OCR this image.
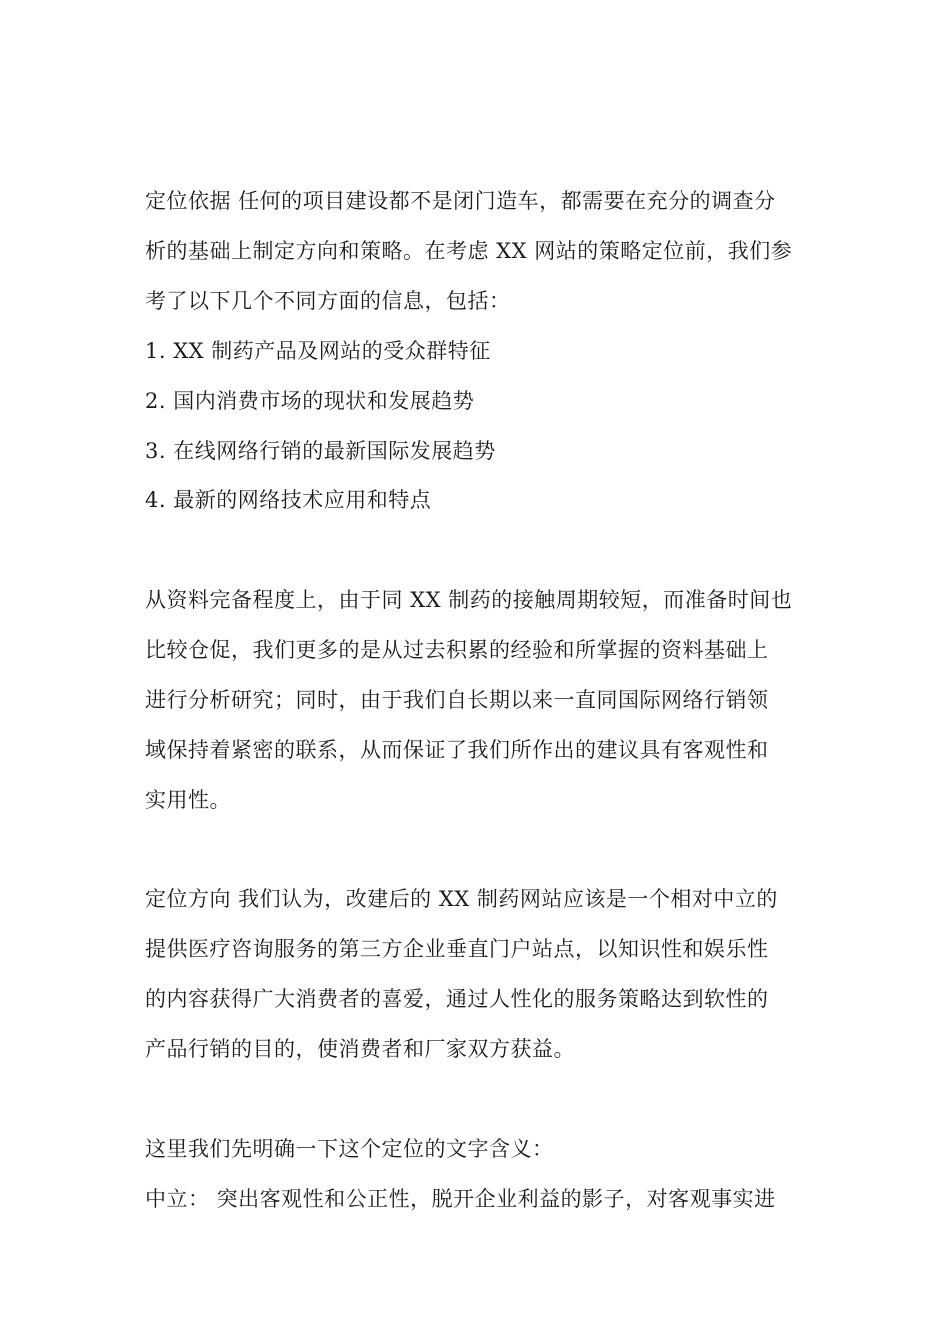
定位依据 任何的项目建设都不是闭门造车，都需要在充分的调查分
析的基础上制定方向和策略。在考虑 XX 网站的策略定位前，我们参
考了以下几个不同方面的信息，包括：
1. XX 制药产品及网站的受众群特征
2. 国内消费市场的现状和发展趋势
3. 在线网络行销的最新国际发展趋势
4. 最新的网络技术应用和特点
从资料完备程度上，由于同 XX 制药的接触周期较短，而准备时间也
比较仓促，我们更多的是从过去积累的经验和所掌握的资料基础上
进行分析研究；同时，由于我们自长期以来一直同国际网络行销领
域保持着紧密的联系，从而保证了我们所作出的建议具有客观性和
实用性。
定位方向 我们认为，改建后的 XX 制药网站应该是一个相对中立的
提供医疗咨询服务的第三方企业垂直门户站点，以知识性和娱乐性
的内容获得广大消费者的喜爱，通过人性化的服务策略达到软性的
产品行销的目的，使消费者和厂家双方获益。
这里我们先明确一下这个定位的文字含义：
中立： 突出客观性和公正性，脱开企业利益的影子，对客观事实进
